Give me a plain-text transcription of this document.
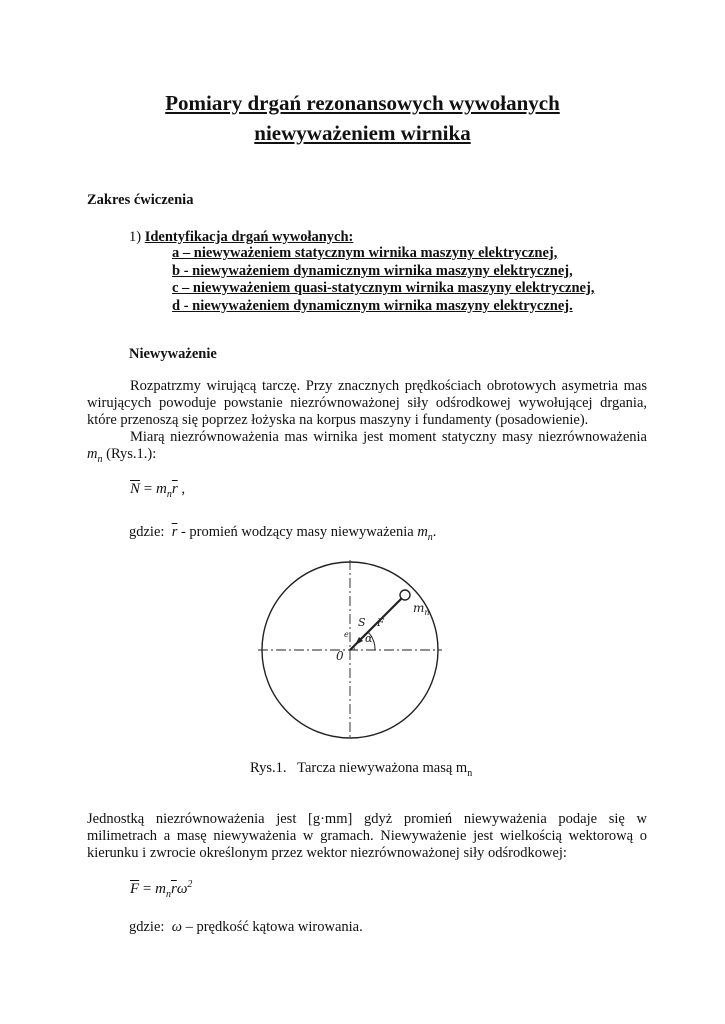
Pomiary drgań rezonansowych wywołanych
niewyważeniem wirnika
Zakres ćwiczenia
1) Identyfikacja drgań wywołanych:
a – niewyważeniem statycznym wirnika maszyny elektrycznej,
b - niewyważeniem dynamicznym wirnika maszyny elektrycznej,
c – niewyważeniem quasi-statycznym wirnika maszyny elektrycznej,
d - niewyważeniem dynamicznym wirnika maszyny elektrycznej.
Niewyważenie

Rozpatrzmy wirującą tarczę. Przy znacznych prędkościach obrotowych asymetria mas wirujących powoduje powstanie niezrównoważonej siły odśrodkowej wywołującej drgania, które przenoszą się poprzez łożyska na korpus maszyny i fundamenty (posadowienie).

Miarą niezrównoważenia mas wirnika jest moment statyczny masy niezrównoważenia $m_n$ (Rys.1.):

$\overline{N} = m_n\overline{r}$ ,
gdzie: $\overline{r}$ - promień wodzący masy niewyważenia $m_n$.
0
$m_n$
S F
e α
Rys.1. Tarcza niewyważona masą $m_n$
Jednostką niezrównoważenia jest [g·mm] gdyż promień niewyważenia podaje się w milimetrach a masę niewyważenia w gramach. Niewyważenie jest wielkością wektorową o kierunku i zwrocie określonym przez wektor niezrównoważonej siły odśrodkowej:
$\overline{F} = m_n\overline{r}\omega^2$
gdzie: ω – prędkość kątowa wirowania.
